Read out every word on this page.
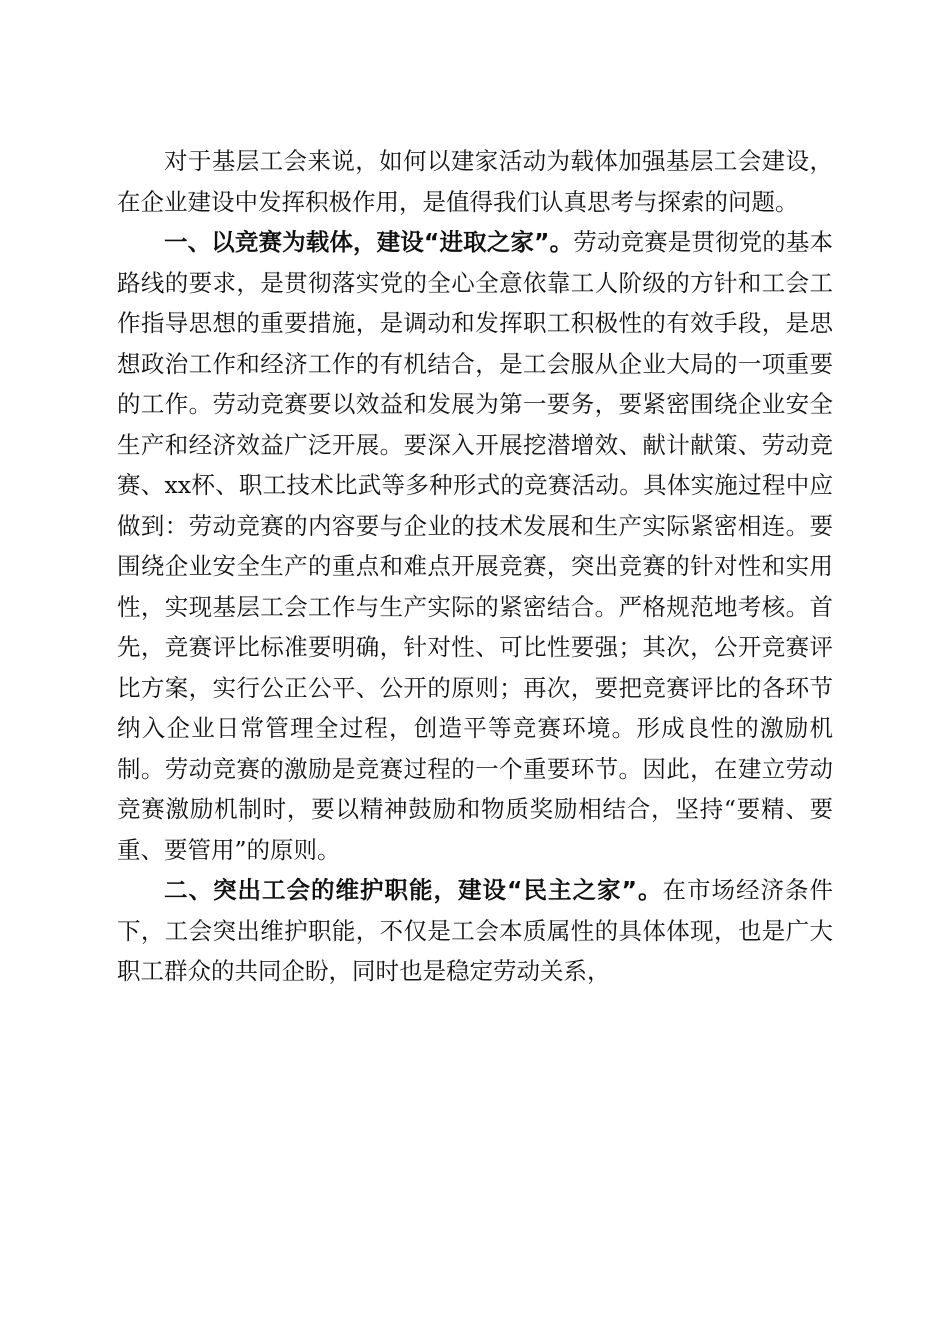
对于基层工会来说，如何以建家活动为载体加强基层工会建设，在企业建设中发挥积极作用，是值得我们认真思考与探索的问题。

一、以竞赛为载体，建设“进取之家”。劳动竞赛是贯彻党的基本路线的要求，是贯彻落实党的全心全意依靠工人阶级的方针和工会工作指导思想的重要措施，是调动和发挥职工积极性的有效手段，是思想政治工作和经济工作的有机结合，是工会服从企业大局的一项重要的工作。劳动竞赛要以效益和发展为第一要务，要紧密围绕企业安全生产和经济效益广泛开展。要深入开展挖潜增效、献计献策、劳动竞赛、xx杯、职工技术比武等多种形式的竞赛活动。具体实施过程中应做到：劳动竞赛的内容要与企业的技术发展和生产实际紧密相连。要围绕企业安全生产的重点和难点开展竞赛，突出竞赛的针对性和实用性，实现基层工会工作与生产实际的紧密结合。严格规范地考核。首先，竞赛评比标准要明确，针对性、可比性要强；其次，公开竞赛评比方案，实行公正公平、公开的原则；再次，要把竞赛评比的各环节纳入企业日常管理全过程，创造平等竞赛环境。形成良性的激励机制。劳动竞赛的激励是竞赛过程的一个重要环节。因此，在建立劳动竞赛激励机制时，要以精神鼓励和物质奖励相结合，坚持“要精、要重、要管用”的原则。

二、突出工会的维护职能，建设“民主之家”。在市场经济条件下，工会突出维护职能，不仅是工会本质属性的具体体现，也是广大职工群众的共同企盼，同时也是稳定劳动关系，
